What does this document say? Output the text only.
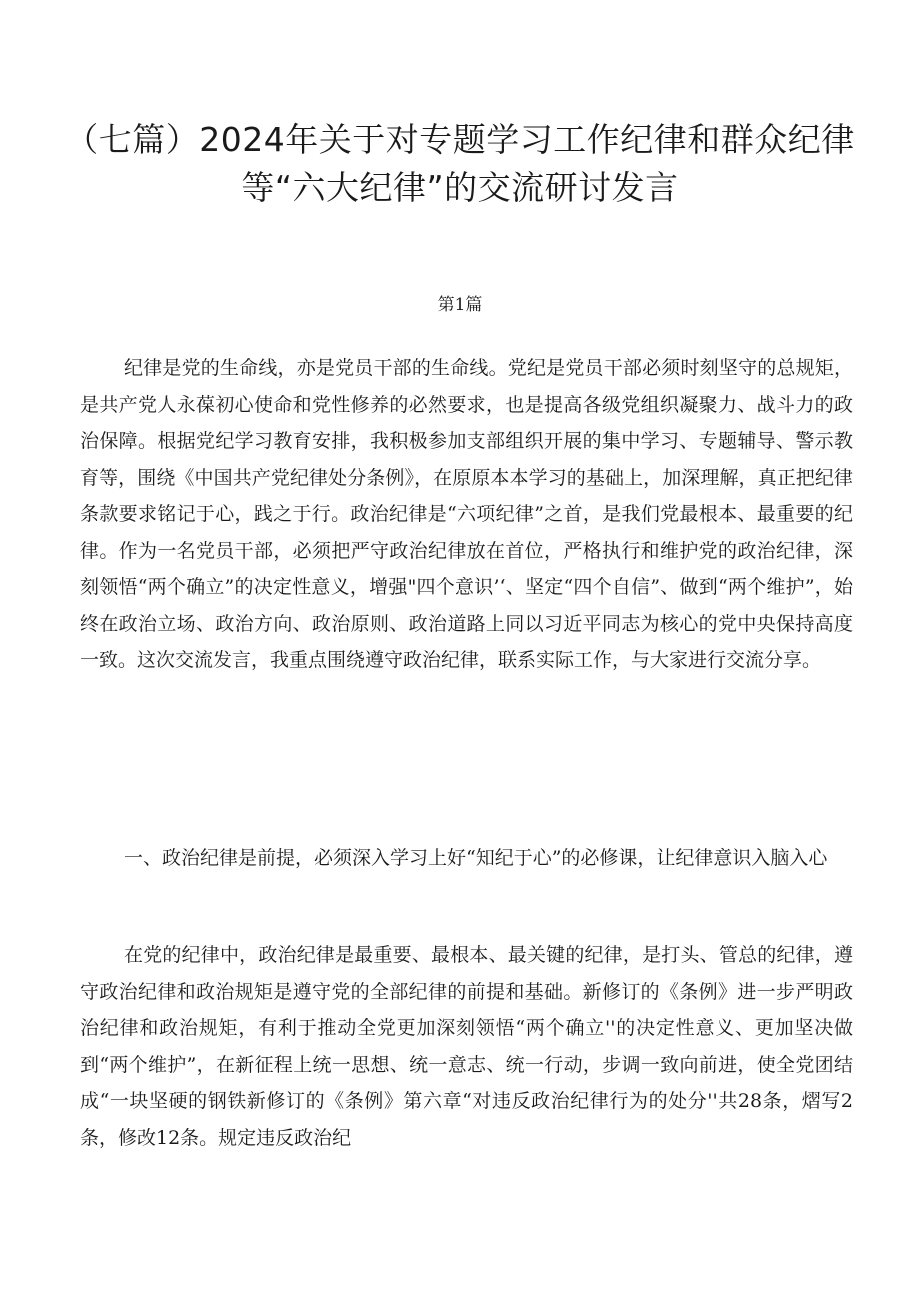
（七篇）2024年关于对专题学习工作纪律和群众纪律等“六大纪律”的交流研讨发言
第1篇

纪律是党的生命线，亦是党员干部的生命线。党纪是党员干部必须时刻坚守的总规矩，是共产党人永葆初心使命和党性修养的必然要求，也是提高各级党组织凝聚力、战斗力的政治保障。根据党纪学习教育安排，我积极参加支部组织开展的集中学习、专题辅导、警示教育等，围绕《中国共产党纪律处分条例》，在原原本本学习的基础上，加深理解，真正把纪律条款要求铭记于心，践之于行。政治纪律是“六项纪律”之首，是我们党最根本、最重要的纪律。作为一名党员干部，必须把严守政治纪律放在首位，严格执行和维护党的政治纪律，深刻领悟“两个确立”的决定性意义，增强"四个意识’‘、坚定“四个自信”、做到“两个维护”，始终在政治立场、政治方向、政治原则、政治道路上同以习近平同志为核心的党中央保持高度一致。这次交流发言，我重点围绕遵守政治纪律，联系实际工作，与大家进行交流分享。

一、政治纪律是前提，必须深入学习上好“知纪于心”的必修课，让纪律意识入脑入心

在党的纪律中，政治纪律是最重要、最根本、最关键的纪律，是打头、管总的纪律，遵守政治纪律和政治规矩是遵守党的全部纪律的前提和基础。新修订的《条例》进一步严明政治纪律和政治规矩，有利于推动全党更加深刻领悟“两个确立''的决定性意义、更加坚决做到“两个维护”，在新征程上统一思想、统一意志、统一行动，步调一致向前进，使全党团结成“一块坚硬的钢铁新修订的《条例》第六章“对违反政治纪律行为的处分''共28条，熠写2条，修改12条。规定违反政治纪
